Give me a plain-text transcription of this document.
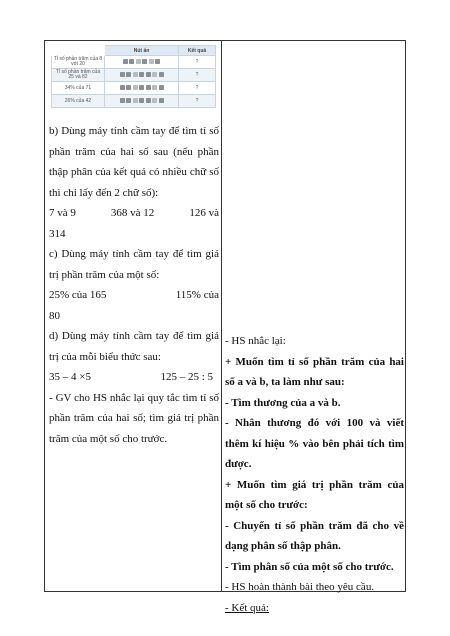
	Nút ấn	Kết quả
Tỉ số phần trăm của 8 với 20		?
Tỉ số phần trăm của 25 và 82		?
34% của 71		?
26% của 42		?

b) Dùng máy tính cầm tay để tìm tỉ số phần trăm của hai số sau (nếu phần thập phân của kết quả có nhiều chữ số thì chỉ lấy đến 2 chữ số):

7 và 9	368 và 12	126 và

314

c) Dùng máy tính cầm tay để tìm giá trị phần trăm của một số:

25% của 165	115% của

80

d) Dùng máy tính cầm tay để tìm giá trị của mỗi biểu thức sau:

35 – 4 ×5	125 – 25 : 5

- GV cho HS nhắc lại quy tắc tìm tỉ số phần trăm của hai số; tìm giá trị phần trăm của một số cho trước.

- HS nhắc lại:

+ Muốn tìm tỉ số phần trăm của hai số a và b, ta làm như sau:

- Tìm thương của a và b.

- Nhân thương đó với 100 và viết thêm kí hiệu % vào bên phải tích tìm được.

+ Muốn tìm giá trị phần trăm của một số cho trước:

- Chuyển tỉ số phần trăm đã cho về dạng phân số thập phân.

- Tìm phân số của một số cho trước.

- HS hoàn thành bài theo yêu cầu.

- Kết quả:
